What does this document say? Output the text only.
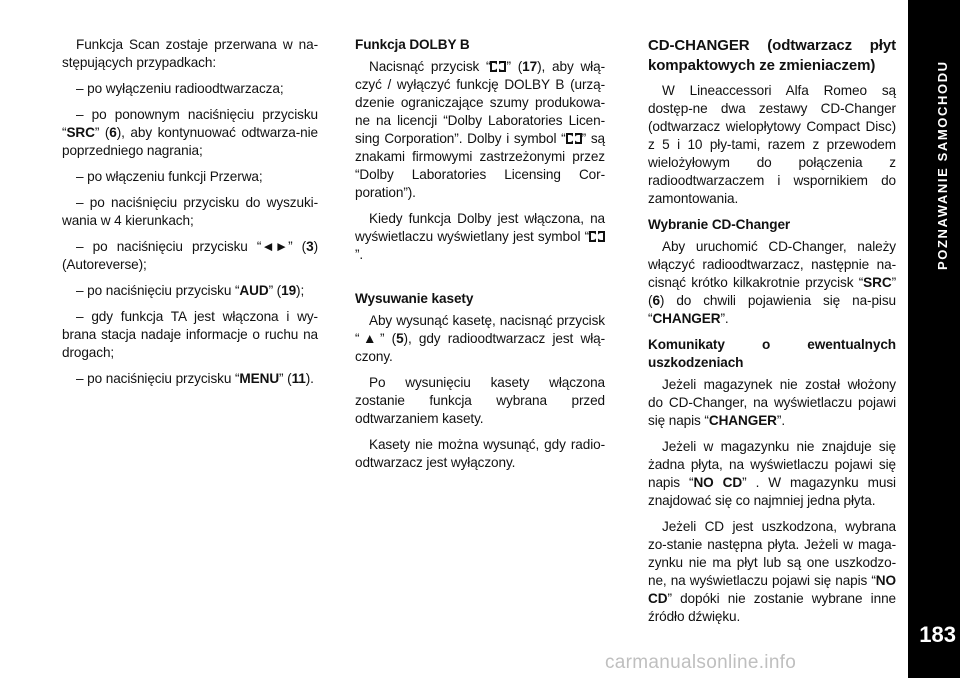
Funkcja Scan zostaje przerwana w na-stępujących przypadkach:

– po wyłączeniu radioodtwarzacza;

– po ponownym naciśnięciu przycisku “SRC” (6), aby kontynuować odtwarza-nie poprzedniego nagrania;

– po włączeniu funkcji Przerwa;

– po naciśnięciu przycisku do wyszuki-wania w 4 kierunkach;

– po naciśnięciu przycisku “◄►” (3) (Autoreverse);

– po naciśnięciu przycisku “AUD” (19);

– gdy funkcja TA jest włączona i wy-brana stacja nadaje informacje o ruchu na drogach;

– po naciśnięciu przycisku “MENU” (11).

Funkcja DOLBY B

Nacisnąć przycisk “ ” (17), aby włą-czyć / wyłączyć funkcję DOLBY B (urzą-dzenie ograniczające szumy produkowa-ne na licencji “Dolby Laboratories Licen-sing Corporation”. Dolby i symbol “ ” są znakami firmowymi zastrzeżonymi przez “Dolby Laboratories Licensing Cor-poration”).

Kiedy funkcja Dolby jest włączona, na wyświetlaczu wyświetlany jest symbol “”.

Wysuwanie kasety

Aby wysunąć kasetę, nacisnąć przycisk “▲” (5), gdy radioodtwarzacz jest włą-czony.

Po wysunięciu kasety włączona zostanie funkcja wybrana przed odtwarzaniem kasety.

Kasety nie można wysunąć, gdy radio-odtwarzacz jest wyłączony.

CD-CHANGER (odtwarzacz płyt kompaktowych ze zmieniaczem)

W Lineaccessori Alfa Romeo są dostęp-ne dwa zestawy CD-Changer (odtwarzacz wielopłytowy Compact Disc) z 5 i 10 pły-tami, razem z przewodem wielożyłowym do połączenia z radioodtwarzaczem i wspornikiem do zamontowania.

Wybranie CD-Changer

Aby uruchomić CD-Changer, należy włączyć radioodtwarzacz, następnie na-cisnąć krótko kilkakrotnie przycisk “SRC” (6) do chwili pojawienia się na-pisu “CHANGER”.

Komunikaty o ewentualnych uszkodzeniach

Jeżeli magazynek nie został włożony do CD-Changer, na wyświetlaczu pojawi się napis “CHANGER”.

Jeżeli w magazynku nie znajduje się żadna płyta, na wyświetlaczu pojawi się napis “NO CD” . W magazynku musi znajdować się co najmniej jedna płyta.

Jeżeli CD jest uszkodzona, wybrana zo-stanie następna płyta. Jeżeli w maga-zynku nie ma płyt lub są one uszkodzo-ne, na wyświetlaczu pojawi się napis “NO CD” dopóki nie zostanie wybrane inne źródło dźwięku.

POZNAWANIE SAMOCHODU
183
carmanualsonline.info
